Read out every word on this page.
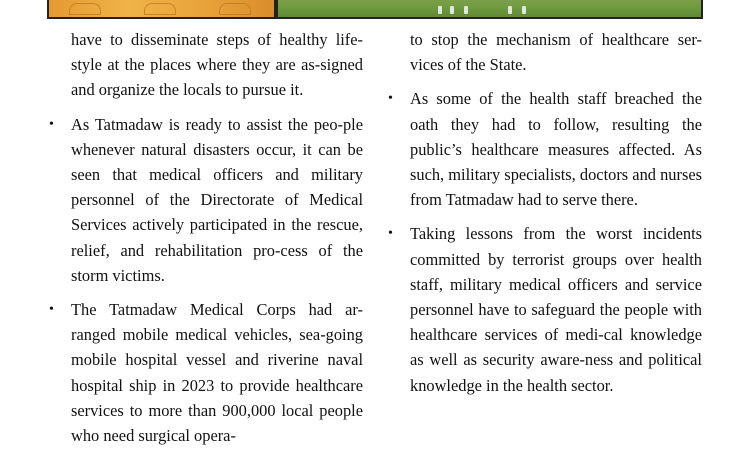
have to disseminate steps of healthy life-style at the places where they are as-signed and organize the locals to pursue it.

• As Tatmadaw is ready to assist the peo-ple whenever natural disasters occur, it can be seen that medical officers and military personnel of the Directorate of Medical Services actively participated in the rescue, relief, and rehabilitation pro-cess of the storm victims.
• The Tatmadaw Medical Corps had ar-ranged mobile medical vehicles, sea-going mobile hospital vessel and riverine naval hospital ship in 2023 to provide healthcare services to more than 900,000 local people who need surgical opera-

to stop the mechanism of healthcare ser-vices of the State.

• As some of the health staff breached the oath they had to follow, resulting the public’s healthcare measures affected. As such, military specialists, doctors and nurses from Tatmadaw had to serve there.
• Taking lessons from the worst incidents committed by terrorist groups over health staff, military medical officers and service personnel have to safeguard the people with healthcare services of medi-cal knowledge as well as security aware-ness and political knowledge in the health sector.
